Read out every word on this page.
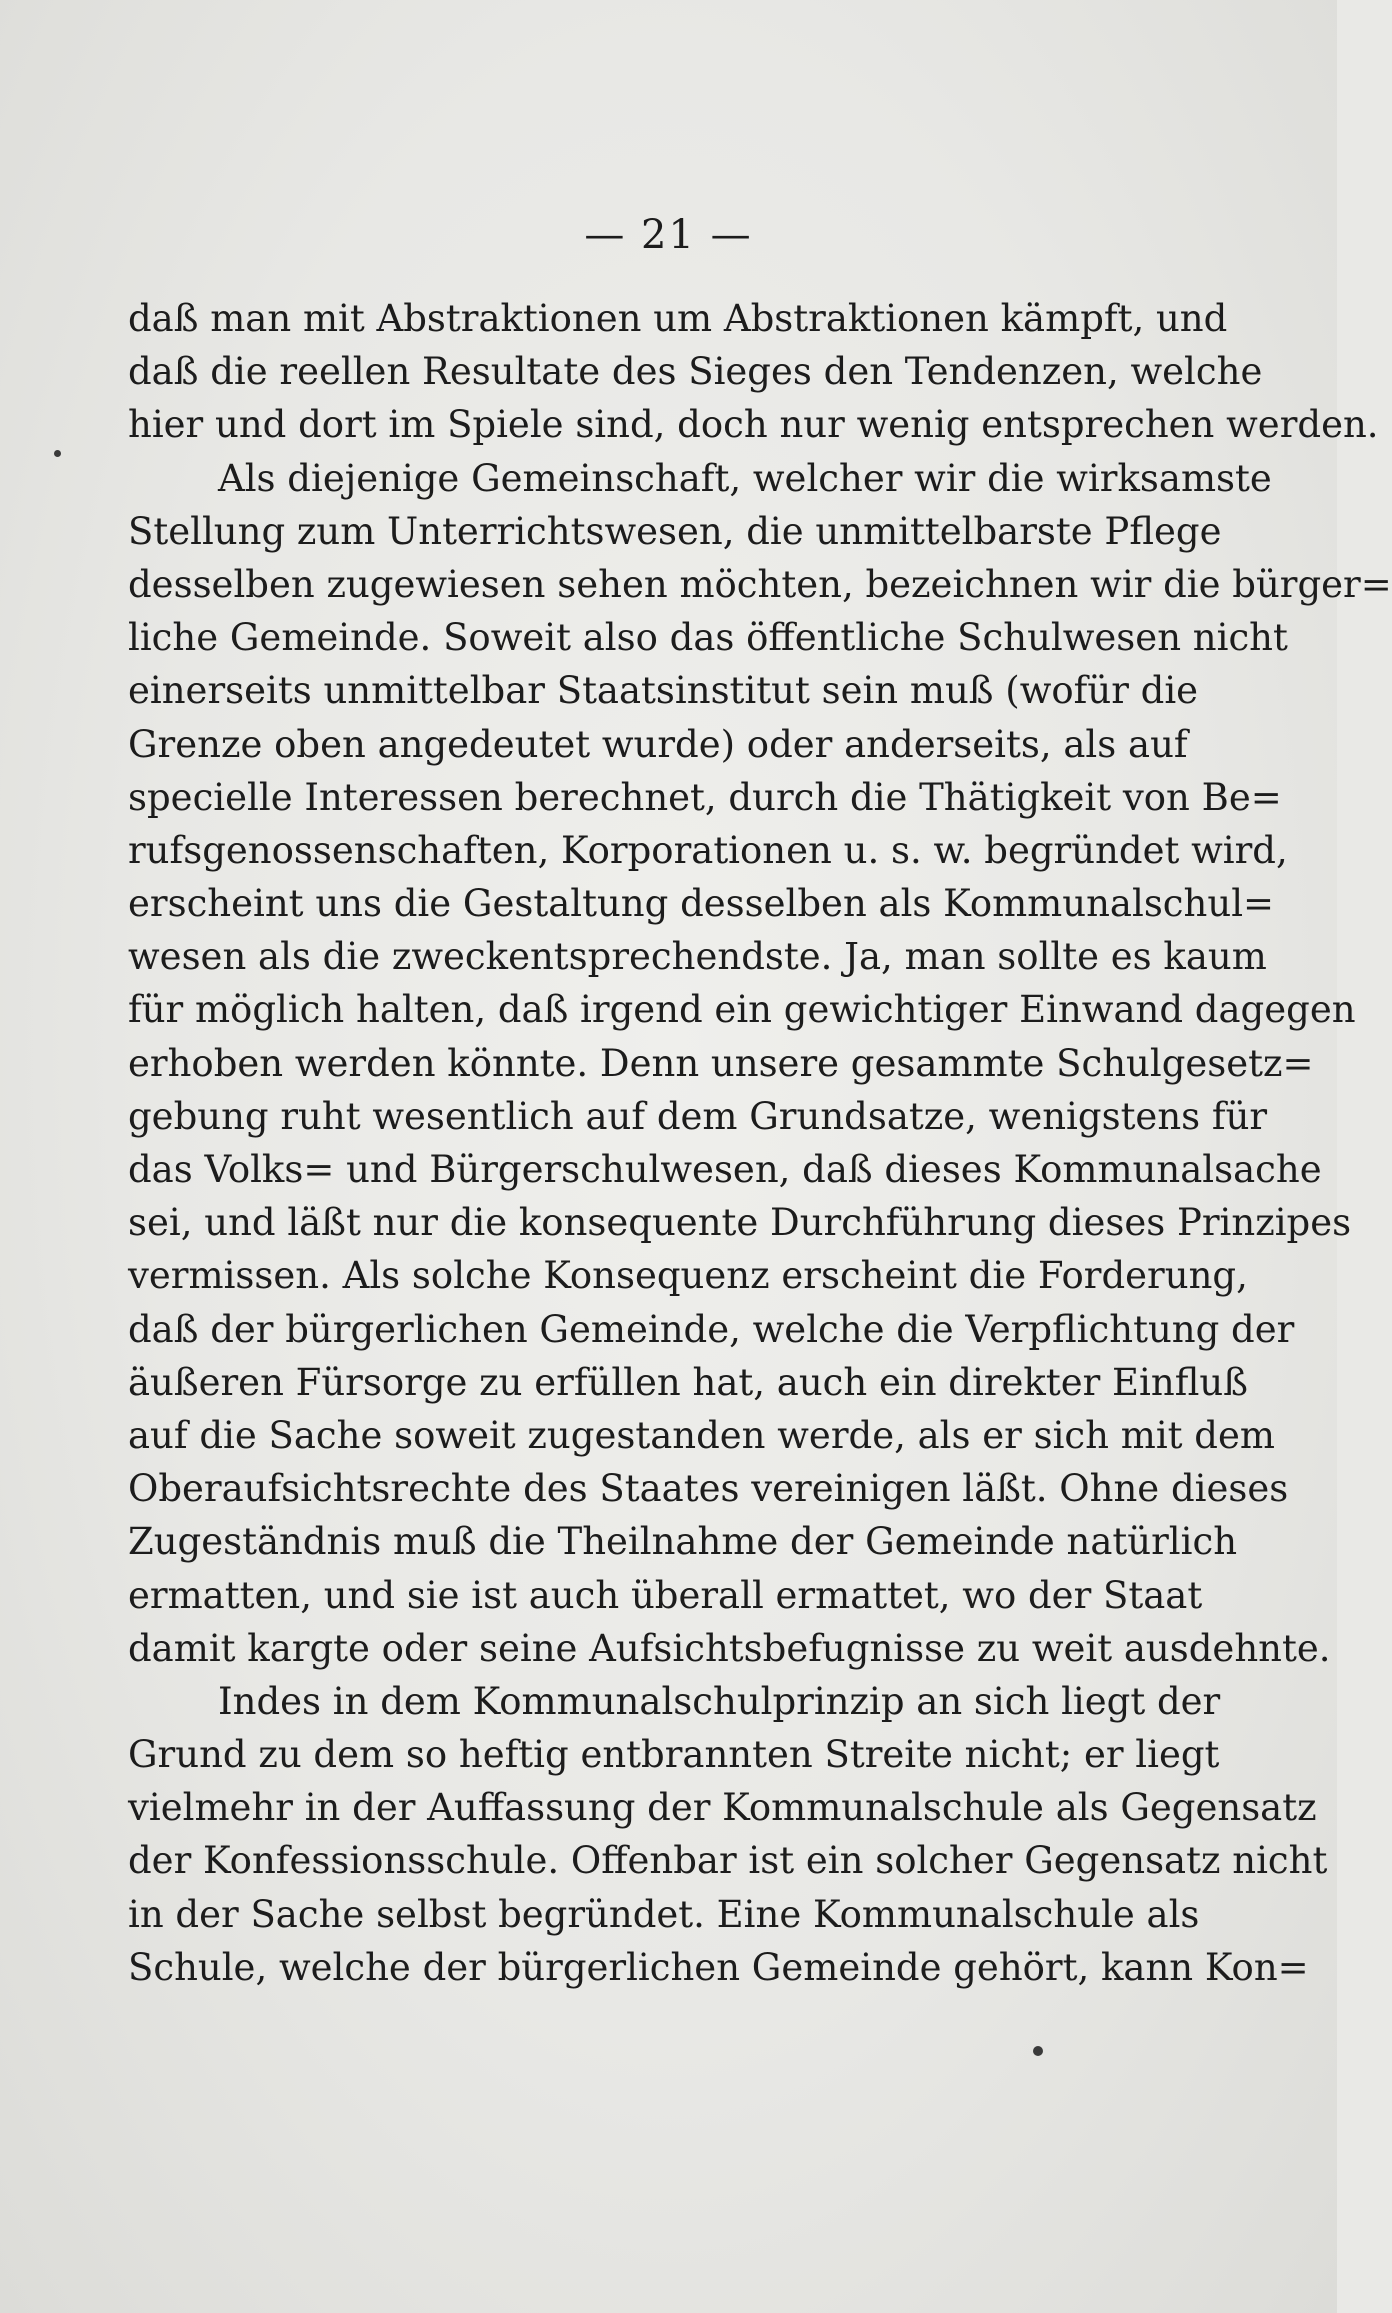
— 21 —
daß man mit Abstraktionen um Abstraktionen kämpft, und
daß die reellen Resultate des Sieges den Tendenzen, welche
hier und dort im Spiele sind, doch nur wenig entsprechen werden.
Als diejenige Gemeinschaft, welcher wir die wirksamste
Stellung zum Unterrichtswesen, die unmittelbarste Pflege
desselben zugewiesen sehen möchten, bezeichnen wir die bürger=
liche Gemeinde. Soweit also das öffentliche Schulwesen nicht
einerseits unmittelbar Staatsinstitut sein muß (wofür die
Grenze oben angedeutet wurde) oder anderseits, als auf
specielle Interessen berechnet, durch die Thätigkeit von Be=
rufsgenossenschaften, Korporationen u. s. w. begründet wird,
erscheint uns die Gestaltung desselben als Kommunalschul=
wesen als die zweckentsprechendste. Ja, man sollte es kaum
für möglich halten, daß irgend ein gewichtiger Einwand dagegen
erhoben werden könnte. Denn unsere gesammte Schulgesetz=
gebung ruht wesentlich auf dem Grundsatze, wenigstens für
das Volks= und Bürgerschulwesen, daß dieses Kommunalsache
sei, und läßt nur die konsequente Durchführung dieses Prinzipes
vermissen. Als solche Konsequenz erscheint die Forderung,
daß der bürgerlichen Gemeinde, welche die Verpflichtung der
äußeren Fürsorge zu erfüllen hat, auch ein direkter Einfluß
auf die Sache soweit zugestanden werde, als er sich mit dem
Oberaufsichtsrechte des Staates vereinigen läßt. Ohne dieses
Zugeständnis muß die Theilnahme der Gemeinde natürlich
ermatten, und sie ist auch überall ermattet, wo der Staat
damit kargte oder seine Aufsichtsbefugnisse zu weit ausdehnte.
Indes in dem Kommunalschulprinzip an sich liegt der
Grund zu dem so heftig entbrannten Streite nicht; er liegt
vielmehr in der Auffassung der Kommunalschule als Gegensatz
der Konfessionsschule. Offenbar ist ein solcher Gegensatz nicht
in der Sache selbst begründet. Eine Kommunalschule als
Schule, welche der bürgerlichen Gemeinde gehört, kann Kon=
